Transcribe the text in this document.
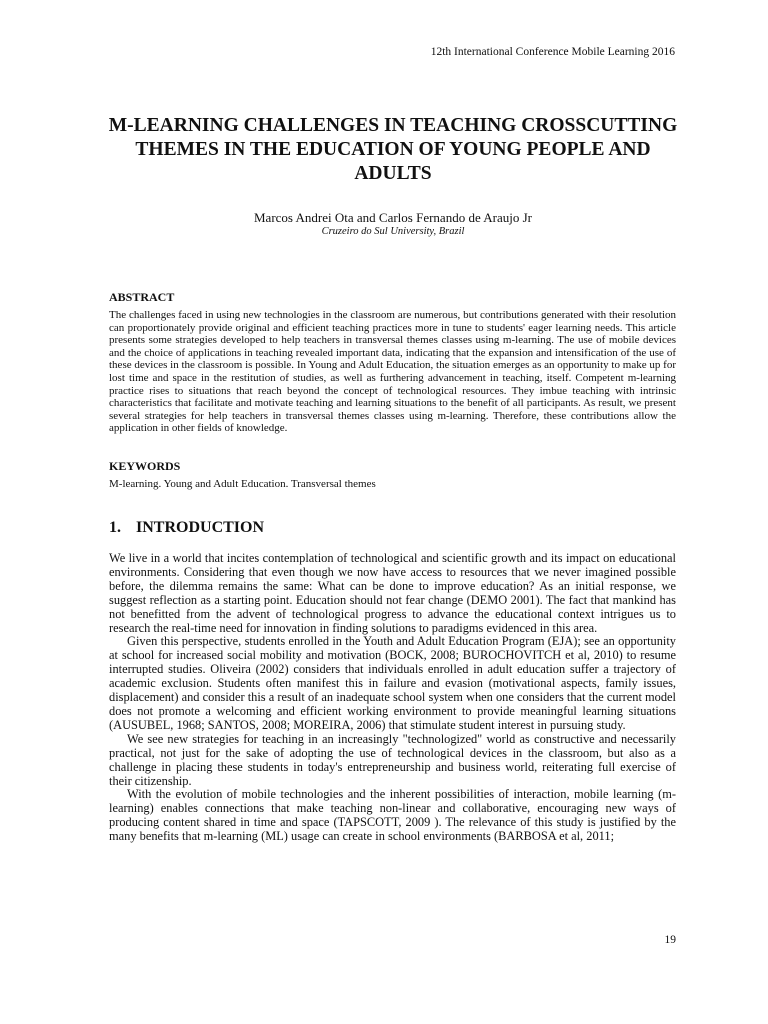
12th International Conference Mobile Learning 2016
M-LEARNING CHALLENGES IN TEACHING CROSSCUTTING THEMES IN THE EDUCATION OF YOUNG PEOPLE AND ADULTS

Marcos Andrei Ota and Carlos Fernando de Araujo Jr

Cruzeiro do Sul University, Brazil

ABSTRACT

The challenges faced in using new technologies in the classroom are numerous, but contributions generated with their resolution can proportionately provide original and efficient teaching practices more in tune to students' eager learning needs. This article presents some strategies developed to help teachers in transversal themes classes using m-learning. The use of mobile devices and the choice of applications in teaching revealed important data, indicating that the expansion and intensification of the use of these devices in the classroom is possible. In Young and Adult Education, the situation emerges as an opportunity to make up for lost time and space in the restitution of studies, as well as furthering advancement in teaching, itself. Competent m-learning practice rises to situations that reach beyond the concept of technological resources. They imbue teaching with intrinsic characteristics that facilitate and motivate teaching and learning situations to the benefit of all participants. As result, we present several strategies for help teachers in transversal themes classes using m-learning. Therefore, these contributions allow the application in other fields of knowledge.

KEYWORDS

M-learning. Young and Adult Education. Transversal themes

1. INTRODUCTION

We live in a world that incites contemplation of technological and scientific growth and its impact on educational environments. Considering that even though we now have access to resources that we never imagined possible before, the dilemma remains the same: What can be done to improve education? As an initial response, we suggest reflection as a starting point. Education should not fear change (DEMO 2001). The fact that mankind has not benefitted from the advent of technological progress to advance the educational context intrigues us to research the real-time need for innovation in finding solutions to paradigms evidenced in this area.

Given this perspective, students enrolled in the Youth and Adult Education Program (EJA); see an opportunity at school for increased social mobility and motivation (BOCK, 2008; BUROCHOVITCH et al, 2010) to resume interrupted studies. Oliveira (2002) considers that individuals enrolled in adult education suffer a trajectory of academic exclusion. Students often manifest this in failure and evasion (motivational aspects, family issues, displacement) and consider this a result of an inadequate school system when one considers that the current model does not promote a welcoming and efficient working environment to provide meaningful learning situations (AUSUBEL, 1968; SANTOS, 2008; MOREIRA, 2006) that stimulate student interest in pursuing study.

We see new strategies for teaching in an increasingly "technologized" world as constructive and necessarily practical, not just for the sake of adopting the use of technological devices in the classroom, but also as a challenge in placing these students in today's entrepreneurship and business world, reiterating full exercise of their citizenship.

With the evolution of mobile technologies and the inherent possibilities of interaction, mobile learning (m-learning) enables connections that make teaching non-linear and collaborative, encouraging new ways of producing content shared in time and space (TAPSCOTT, 2009 ). The relevance of this study is justified by the many benefits that m-learning (ML) usage can create in school environments (BARBOSA et al, 2011;

19
